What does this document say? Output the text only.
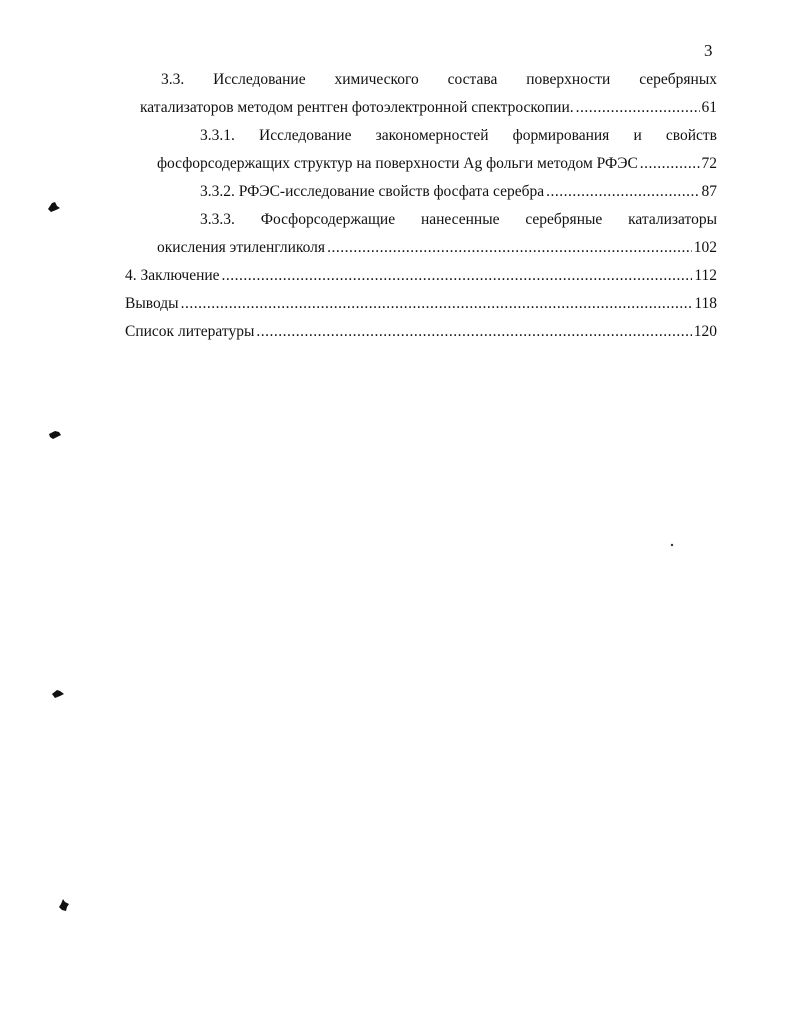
3
3.3. Исследование химического состава поверхности серебряных
катализаторов методом рентген фотоэлектронной спектроскопии. .....	61
3.3.1. Исследование закономерностей формирования и свойств
фосфорсодержащих структур на поверхности Ag фольги методом РФЭС .....	72
3.3.2. РФЭС-исследование свойств фосфата серебра .....	87
3.3.3. Фосфорсодержащие нанесенные серебряные катализаторы
окисления этиленгликоля .....	102
4. Заключение .....	112
Выводы .....	118
Список литературы .....	120
